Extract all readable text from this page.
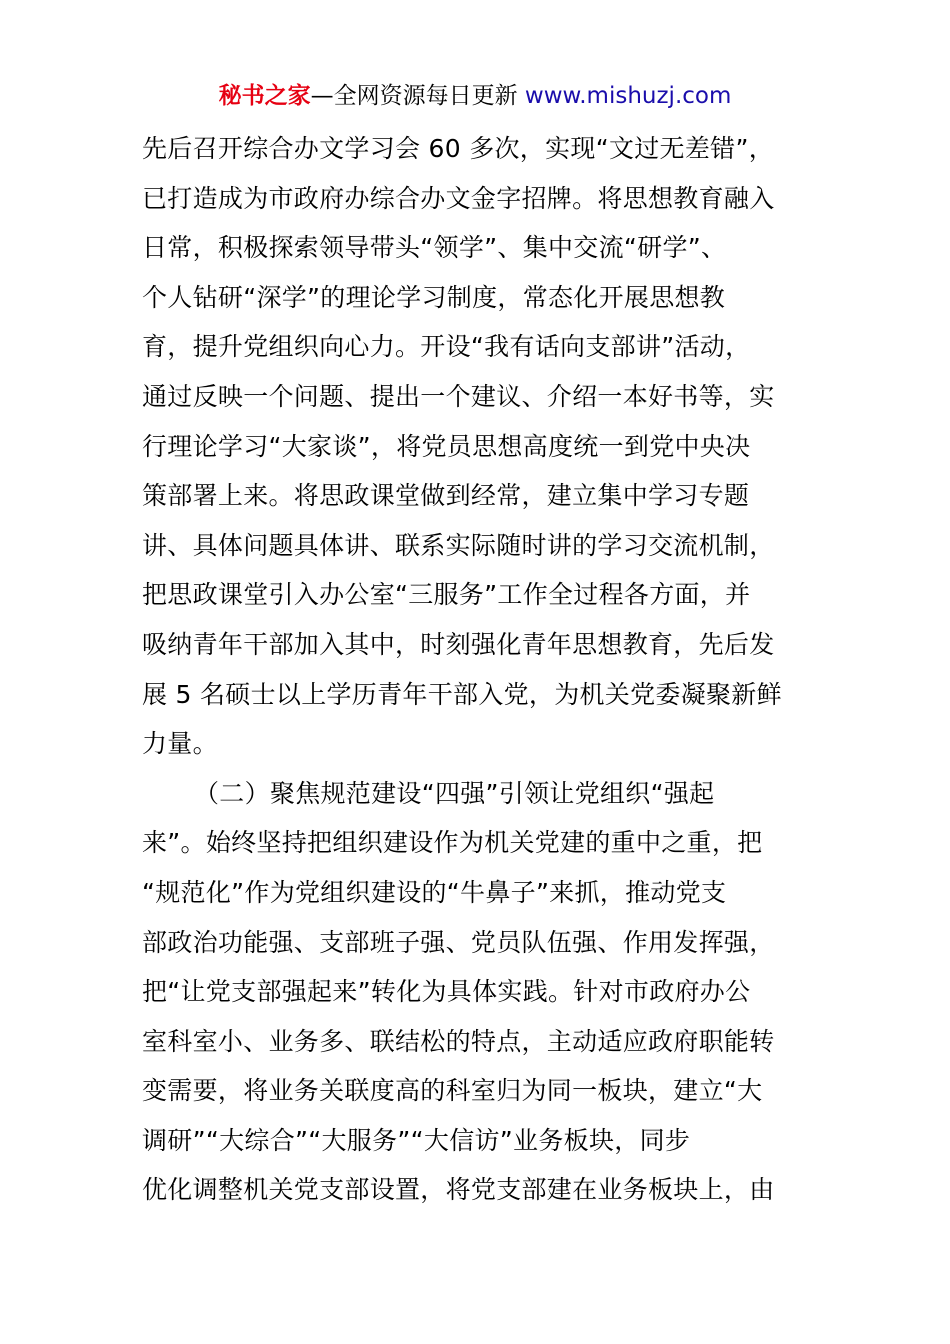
秘书之家—全网资源每日更新 www.mishuzj.com
先后召开综合办文学习会 60 多次，实现“文过无差错”，
已打造成为市政府办综合办文金字招牌。将思想教育融入
日常，积极探索领导带头“领学”、集中交流“研学”、
个人钻研“深学”的理论学习制度，常态化开展思想教
育，提升党组织向心力。开设“我有话向支部讲”活动，
通过反映一个问题、提出一个建议、介绍一本好书等，实
行理论学习“大家谈”，将党员思想高度统一到党中央决
策部署上来。将思政课堂做到经常，建立集中学习专题
讲、具体问题具体讲、联系实际随时讲的学习交流机制，
把思政课堂引入办公室“三服务”工作全过程各方面，并
吸纳青年干部加入其中，时刻强化青年思想教育，先后发
展 5 名硕士以上学历青年干部入党，为机关党委凝聚新鲜
力量。
（二）聚焦规范建设“四强”引领让党组织“强起
来”。始终坚持把组织建设作为机关党建的重中之重，把
“规范化”作为党组织建设的“牛鼻子”来抓，推动党支
部政治功能强、支部班子强、党员队伍强、作用发挥强，
把“让党支部强起来”转化为具体实践。针对市政府办公
室科室小、业务多、联结松的特点，主动适应政府职能转
变需要，将业务关联度高的科室归为同一板块，建立“大
调研”“大综合”“大服务”“大信访”业务板块，同步
优化调整机关党支部设置，将党支部建在业务板块上，由
